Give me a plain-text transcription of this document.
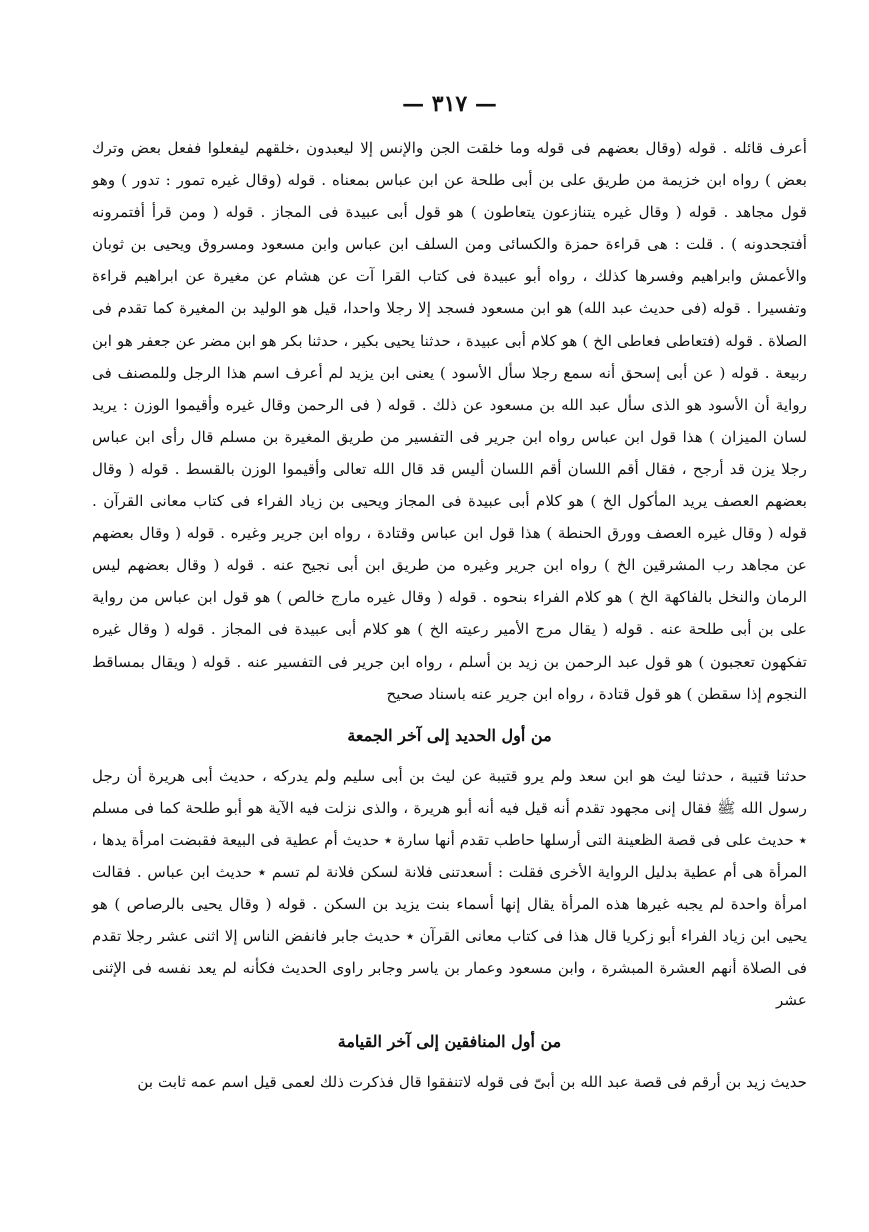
— ٣١٧ —

أعرف قائله . قوله (وقال بعضهم فى قوله وما خلقت الجن والإنس إلا ليعبدون ،خلقهم ليفعلوا ففعل بعض وترك بعض ) رواه ابن خزيمة من طريق على بن أبى طلحة عن ابن عباس بمعناه . قوله (وقال غيره تمور : تدور ) وهو قول مجاهد . قوله ( وقال غيره يتنازعون يتعاطون ) هو قول أبى عبيدة فى المجاز . قوله ( ومن قرأ أفتمرونه أفتجحدونه ) . قلت : هى قراءة حمزة والكسائى ومن السلف ابن عباس وابن مسعود ومسروق ويحيى بن ثوبان والأعمش وابراهيم وفسرها كذلك ، رواه أبو عبيدة فى كتاب القرا آت عن هشام عن مغيرة عن ابراهيم قراءة وتفسيرا . قوله (فى حديث عبد الله) هو ابن مسعود فسجد إلا رجلا واحدا، قيل هو الوليد بن المغيرة كما تقدم فى الصلاة . قوله (فتعاطى فعاطى الخ ) هو كلام أبى عبيدة ، حدثنا يحيى بكير ، حدثنا بكر هو ابن مضر عن جعفر هو ابن ربيعة . قوله ( عن أبى إسحق أنه سمع رجلا سأل الأسود ) يعنى ابن يزيد لم أعرف اسم هذا الرجل وللمصنف فى رواية أن الأسود هو الذى سأل عبد الله بن مسعود عن ذلك . قوله ( فى الرحمن وقال غيره وأقيموا الوزن : يريد لسان الميزان ) هذا قول ابن عباس رواه ابن جرير فى التفسير من طريق المغيرة بن مسلم قال رأى ابن عباس رجلا يزن قد أرجح ، فقال أقم اللسان أقم اللسان أليس قد قال الله تعالى وأقيموا الوزن بالقسط . قوله ( وقال بعضهم العصف يريد المأكول الخ ) هو كلام أبى عبيدة فى المجاز ويحيى بن زياد الفراء فى كتاب معانى القرآن . قوله ( وقال غيره العصف وورق الحنطة ) هذا قول ابن عباس وقتادة ، رواه ابن جرير وغيره . قوله ( وقال بعضهم عن مجاهد رب المشرقين الخ ) رواه ابن جرير وغيره من طريق ابن أبى نجيح عنه . قوله ( وقال بعضهم ليس الرمان والنخل بالفاكهة الخ ) هو كلام الفراء بنحوه . قوله ( وقال غيره مارج خالص ) هو قول ابن عباس من رواية على بن أبى طلحة عنه . قوله ( يقال مرج الأمير رعيته الخ ) هو كلام أبى عبيدة فى المجاز . قوله ( وقال غيره تفكهون تعجبون ) هو قول عبد الرحمن بن زيد بن أسلم ، رواه ابن جرير فى التفسير عنه . قوله ( ويقال بمساقط النجوم إذا سقطن ) هو قول قتادة ، رواه ابن جرير عنه باسناد صحيح

من أول الحديد إلى آخر الجمعة

حدثنا قتيبة ، حدثنا ليث هو ابن سعد ولم يرو قتيبة عن ليث بن أبى سليم ولم يدركه ، حديث أبى هريرة أن رجل رسول الله ﷺ فقال إنى مجهود تقدم أنه قيل فيه أنه أبو هريرة ، والذى نزلت فيه الآية هو أبو طلحة كما فى مسلم ٭ حديث على فى قصة الظعينة التى أرسلها حاطب تقدم أنها سارة ٭ حديث أم عطية فى البيعة فقبضت امرأة يدها ، المرأة هى أم عطية بدليل الرواية الأخرى فقلت : أسعدتنى فلانة لسكن فلانة لم تسم ٭ حديث ابن عباس . فقالت امرأة واحدة لم يجبه غيرها هذه المرأة يقال إنها أسماء بنت يزيد بن السكن . قوله ( وقال يحيى بالرصاص ) هو يحيى ابن زياد الفراء أبو زكريا قال هذا فى كتاب معانى القرآن ٭ حديث جابر فانفض الناس إلا اثنى عشر رجلا تقدم فى الصلاة أنهم العشرة المبشرة ، وابن مسعود وعمار بن ياسر وجابر راوى الحديث فكأنه لم يعد نفسه فى الإثنى عشر

من أول المنافقين إلى آخر القيامة

حديث زيد بن أرقم فى قصة عبد الله بن أبىّ فى قوله لاتنفقوا قال فذكرت ذلك لعمى قيل اسم عمه ثابت بن
